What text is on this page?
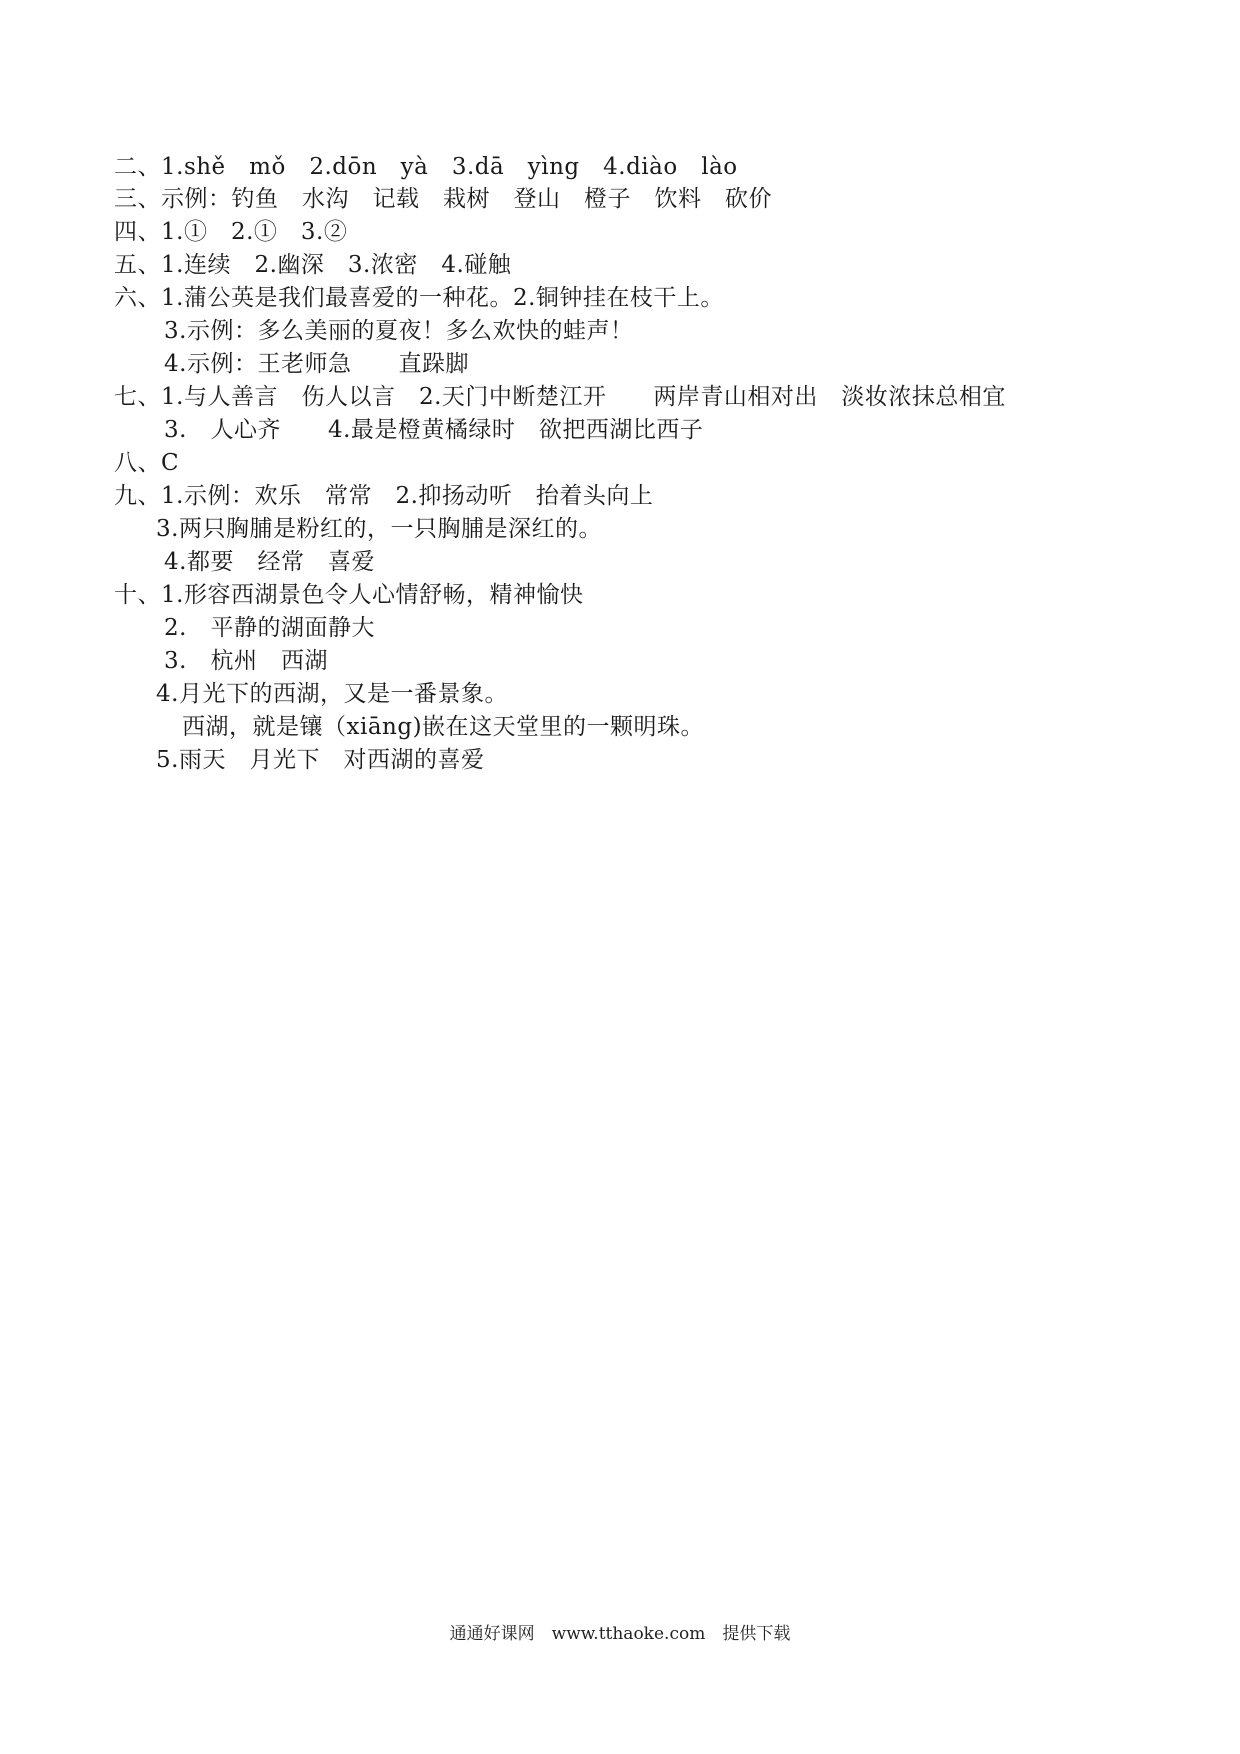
二、1.shě　mǒ　2.dōn　yà　3.dā　yìng　4.diào　lào
三、示例：钓鱼　水沟　记载　栽树　登山　橙子　饮料　砍价
四、1.①　2.①　3.②
五、1.连续　2.幽深　3.浓密　4.碰触
六、1.蒲公英是我们最喜爱的一种花。2.铜钟挂在枝干上。
3.示例：多么美丽的夏夜！多么欢快的蛙声！
4.示例：王老师急　　直跺脚
七、1.与人善言　伤人以言　2.天门中断楚江开　　两岸青山相对出　淡妆浓抹总相宜
3.　人心齐　　4.最是橙黄橘绿时　欲把西湖比西子
八、C
九、1.示例：欢乐　常常　2.抑扬动听　抬着头向上
3.两只胸脯是粉红的，一只胸脯是深红的。
4.都要　经常　喜爱
十、1.形容西湖景色令人心情舒畅，精神愉快
2.　平静的湖面静大
3.　杭州　西湖
4.月光下的西湖，又是一番景象。
西湖，就是镶（xiāng)嵌在这天堂里的一颗明珠。
5.雨天　月光下　对西湖的喜爱
通通好课网　www.tthaoke.com　提供下载
